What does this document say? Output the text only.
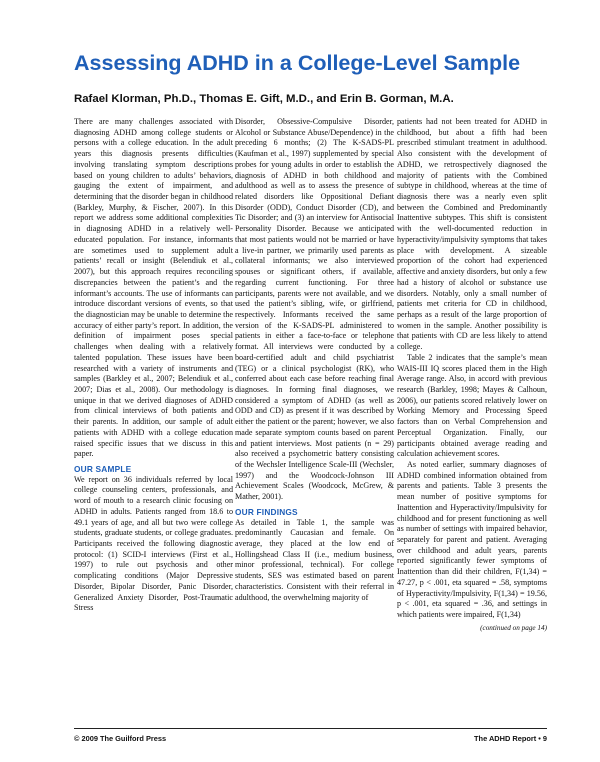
Assessing ADHD in a College-Level Sample
Rafael Klorman, Ph.D., Thomas E. Gift, M.D., and Erin B. Gorman, M.A.

There are many challenges associated with diagnosing ADHD among college students or persons with a college education. In the adult years this diagnosis presents difficulties involving translating symptom descriptions based on young children to adults’ behaviors, gauging the extent of impairment, and determining that the disorder began in childhood (Barkley, Murphy, & Fischer, 2007). In this report we address some additional complexities in diagnosing ADHD in a relatively well-educated population. For instance, informants are sometimes used to supplement adult patients’ recall or insight (Belendiuk et al., 2007), but this approach requires reconciling discrepancies between the patient’s and the informant’s accounts. The use of informants can introduce discordant versions of events, so that the diagnostician may be unable to determine the accuracy of either party’s report. In addition, the definition of impairment poses special challenges when dealing with a relatively talented population. These issues have been researched with a variety of instruments and samples (Barkley et al., 2007; Belendiuk et al., 2007; Dias et al., 2008). Our methodology is unique in that we derived diagnoses of ADHD from clinical interviews of both patients and their parents. In addition, our sample of adult patients with ADHD with a college education raised specific issues that we discuss in this paper.

OUR SAMPLE

We report on 36 individuals referred by local college counseling centers, professionals, and word of mouth to a research clinic focusing on ADHD in adults. Patients ranged from 18.6 to 49.1 years of age, and all but two were college students, graduate students, or college graduates. Participants received the following diagnostic protocol: (1) SCID-I interviews (First et al., 1997) to rule out psychosis and other complicating conditions (Major Depressive Disorder, Bipolar Disorder, Panic Disorder, Generalized Anxiety Disorder, Post-Traumatic Stress

Disorder, Obsessive-Compulsive Disorder, Alcohol or Substance Abuse/Dependence) in the preceding 6 months; (2) The K-SADS-PL (Kaufman et al., 1997) supplemented by special probes for young adults in order to establish the diagnosis of ADHD in both childhood and adulthood as well as to assess the presence of related disorders like Oppositional Defiant Disorder (ODD), Conduct Disorder (CD), and Tic Disorder; and (3) an interview for Antisocial Personality Disorder. Because we anticipated that most patients would not be married or have a live-in partner, we primarily used parents as collateral informants; we also interviewed spouses or significant others, if available, regarding current functioning. For three participants, parents were not available, and we used the patient’s sibling, wife, or girlfriend, respectively. Informants received the same version of the K-SADS-PL administered to patients in either a face-to-face or telephone format. All interviews were conducted by a board-certified adult and child psychiatrist (TEG) or a clinical psychologist (RK), who conferred about each case before reaching final diagnoses. In forming final diagnoses, we considered a symptom of ADHD (as well as ODD and CD) as present if it was described by either the patient or the parent; however, we also made separate symptom counts based on parent and patient interviews. Most patients (n = 29) also received a psychometric battery consisting of the Wechsler Intelligence Scale-III (Wechsler, 1997) and the Woodcock-Johnson III Achievement Scales (Woodcock, McGrew, & Mather, 2001).

OUR FINDINGS

As detailed in Table 1, the sample was predominantly Caucasian and female. On average, they placed at the low end of Hollingshead Class II (i.e., medium business, minor professional, technical). For college students, SES was estimated based on parent characteristics. Consistent with their referral in adulthood, the overwhelming majority of

patients had not been treated for ADHD in childhood, but about a fifth had been prescribed stimulant treatment in adulthood. Also consistent with the development of ADHD, we retrospectively diagnosed the majority of patients with the Combined subtype in childhood, whereas at the time of diagnosis there was a nearly even split between the Combined and Predominantly Inattentive subtypes. This shift is consistent with the well-documented reduction in hyperactivity/impulsivity symptoms that takes place with development. A sizeable proportion of the cohort had experienced affective and anxiety disorders, but only a few had a history of alcohol or substance use disorders. Notably, only a small number of patients met criteria for CD in childhood, perhaps as a result of the large proportion of women in the sample. Another possibility is that patients with CD are less likely to attend college.

Table 2 indicates that the sample’s mean WAIS-III IQ scores placed them in the High Average range. Also, in accord with previous research (Barkley, 1998; Mayes & Calhoun, 2006), our patients scored relatively lower on Working Memory and Processing Speed factors than on Verbal Comprehension and Perceptual Organization. Finally, our participants obtained average reading and calculation achievement scores.

As noted earlier, summary diagnoses of ADHD combined information obtained from parents and patients. Table 3 presents the mean number of positive symptoms for Inattention and Hyperactivity/Impulsivity for childhood and for present functioning as well as number of settings with impaired behavior, separately for parent and patient. Averaging over childhood and adult years, parents reported significantly fewer symptoms of Inattention than did their children, F(1,34) = 47.27, p < .001, eta squared = .58, symptoms of Hyperactivity/Impulsivity, F(1,34) = 19.56, p < .001, eta squared = .36, and settings in which patients were impaired, F(1,34)

(continued on page 14)
© 2009 The Guilford Press	The ADHD Report • 9
